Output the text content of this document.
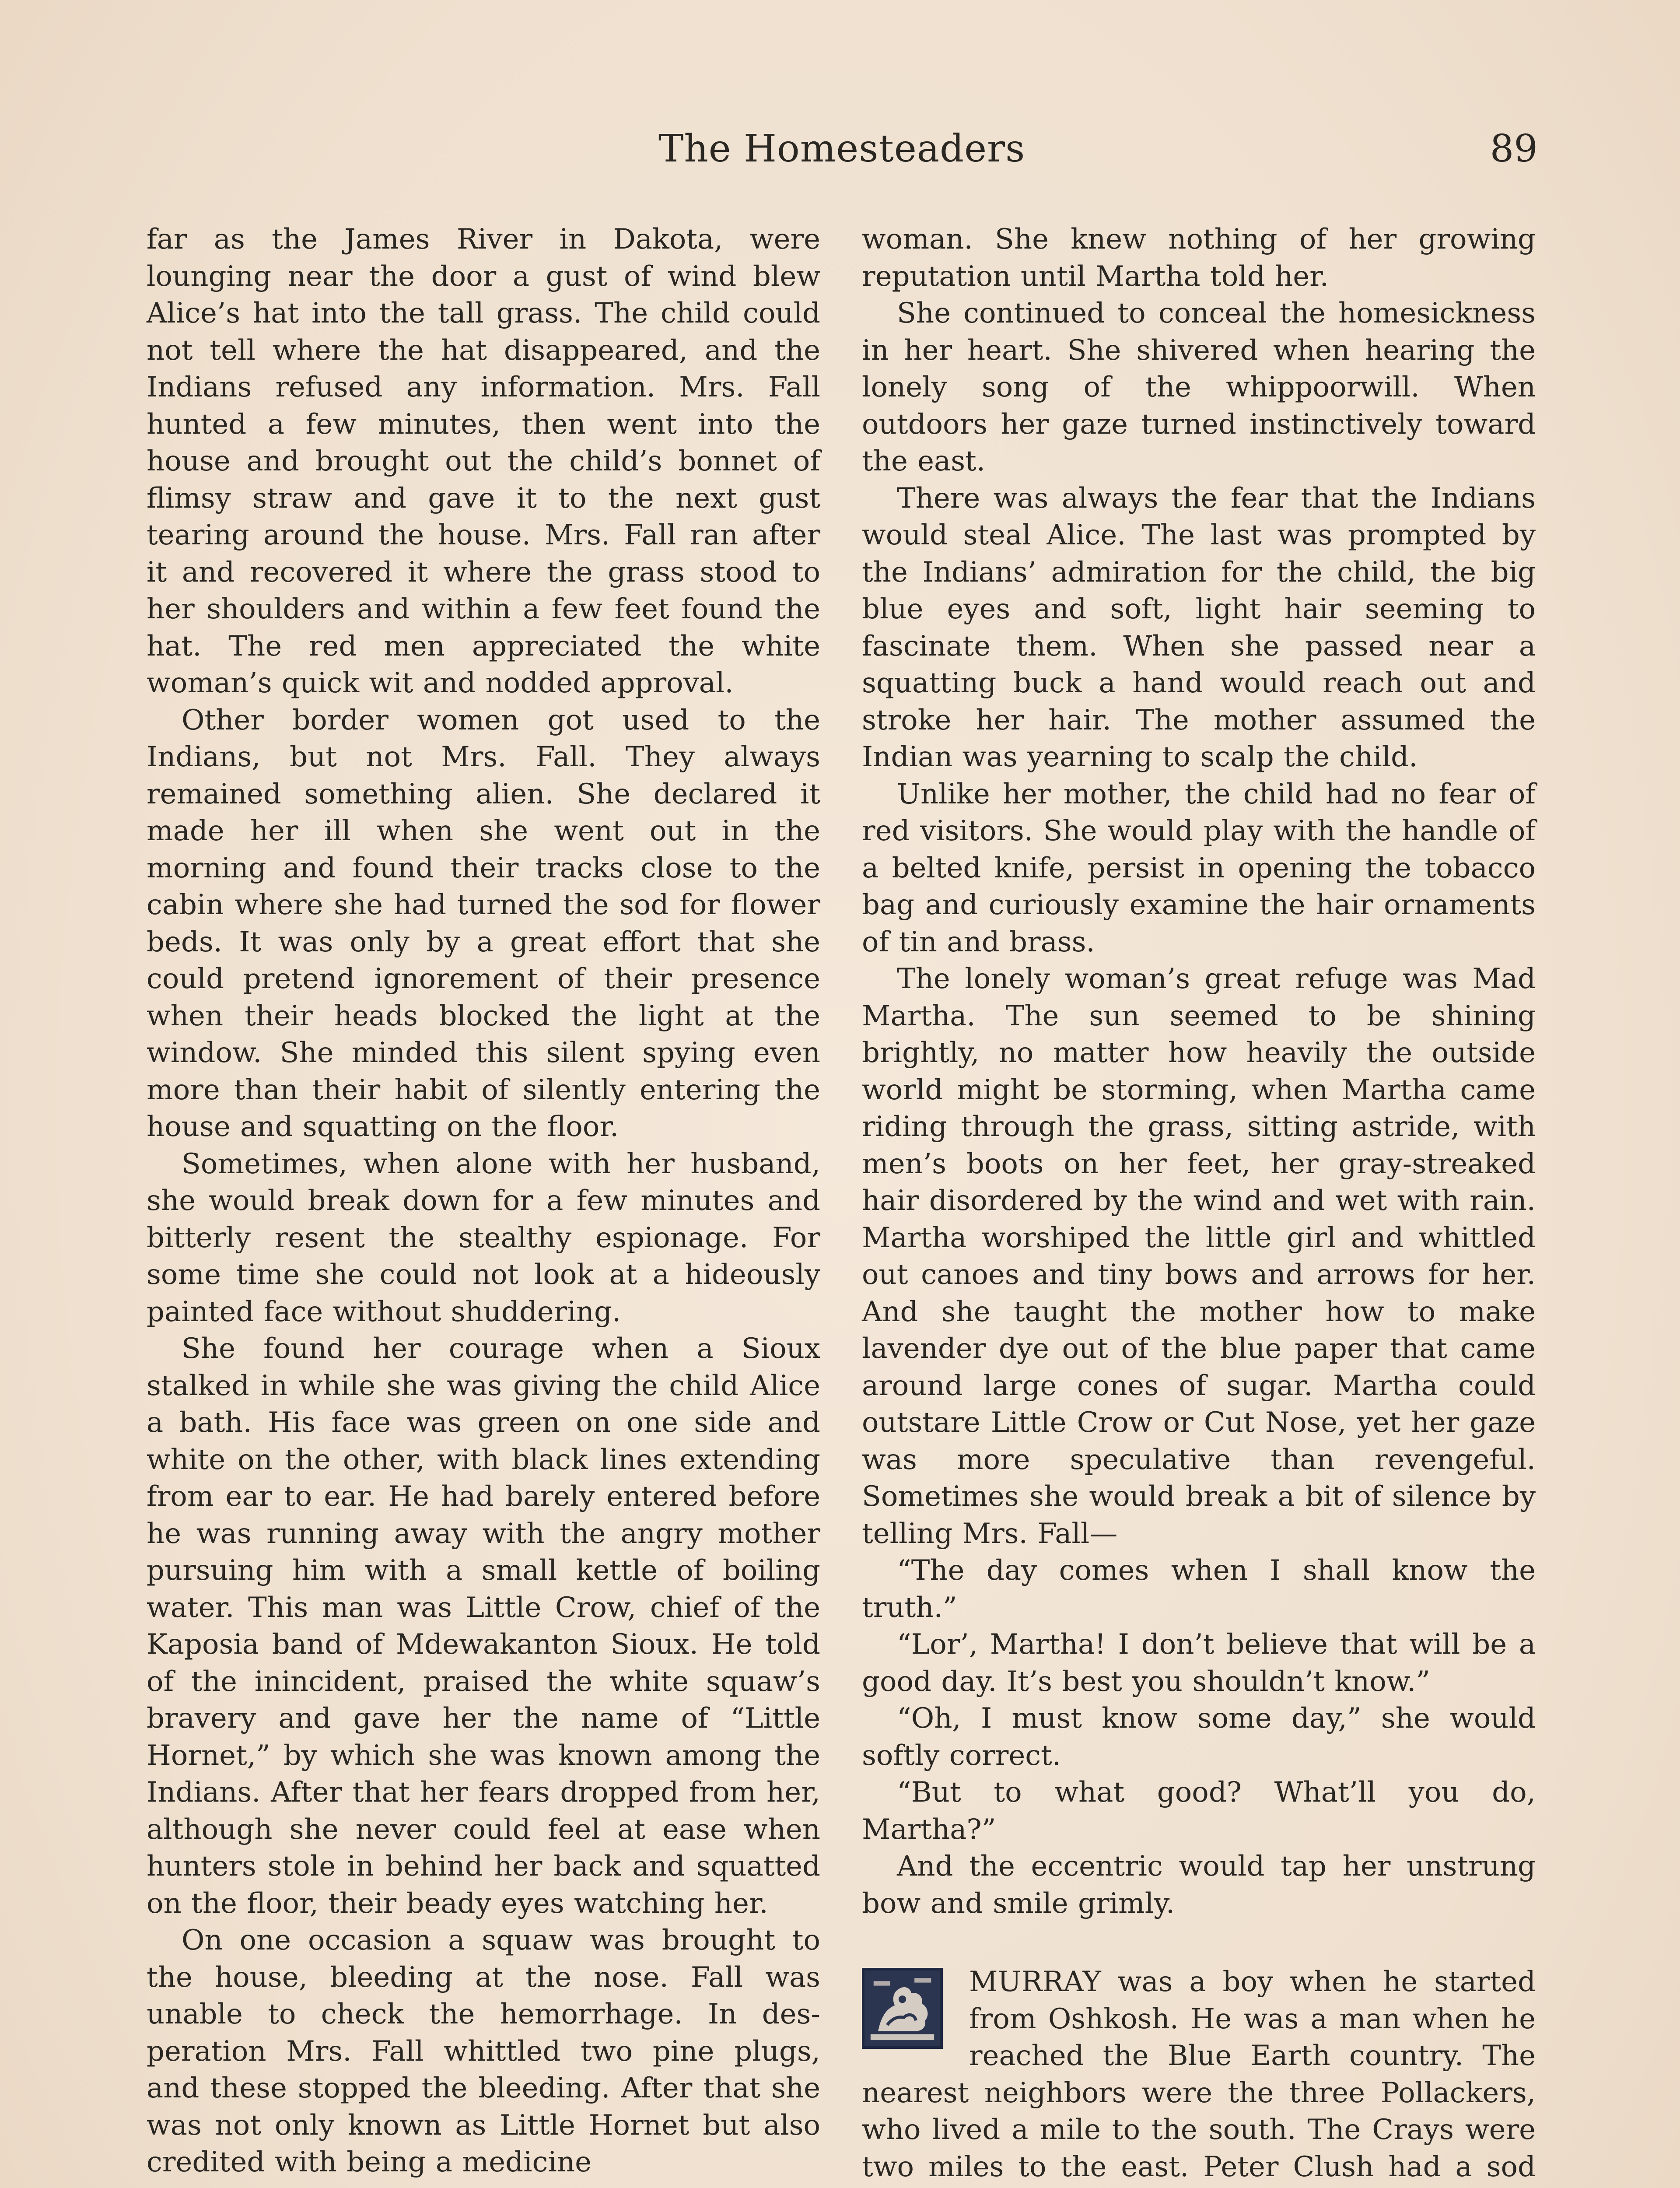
The Homesteaders	89

far as the James River in Dakota, were lounging near the door a gust of wind blew Alice’s hat into the tall grass. The child could not tell where the hat disappeared, and the Indians refused any information. Mrs. Fall hunted a few minutes, then went into the house and brought out the child’s bonnet of flimsy straw and gave it to the next gust tearing around the house. Mrs. Fall ran after it and recovered it where the grass stood to her shoulders and within a few feet found the hat. The red men appreciated the white woman’s quick wit and nodded approval.

Other border women got used to the Indians, but not Mrs. Fall. They always remained something alien. She declared it made her ill when she went out in the morning and found their tracks close to the cabin where she had turned the sod for flower beds. It was only by a great effort that she could pretend ignorement of their presence when their heads blocked the light at the window. She minded this silent spying even more than their habit of silently entering the house and squatting on the floor.

Sometimes, when alone with her husband, she would break down for a few minutes and bitterly resent the stealthy espionage. For some time she could not look at a hideously painted face without shuddering.

She found her courage when a Sioux stalked in while she was giving the child Alice a bath. His face was green on one side and white on the other, with black lines extending from ear to ear. He had barely entered before he was running away with the angry mother pursuing him with a small kettle of boiling water. This man was Little Crow, chief of the Kaposia band of Mdewakanton Sioux. He told of the inincident, praised the white squaw’s bravery and gave her the name of “Little Hornet,” by which she was known among the Indians. After that her fears dropped from her, although she never could feel at ease when hunters stole in behind her back and squatted on the floor, their beady eyes watching her.

On one occasion a squaw was brought to the house, bleeding at the nose. Fall was unable to check the hemorrhage. In desperation Mrs. Fall whittled two pine plugs, and these stopped the bleeding. After that she was not only known as Little Hornet but also credited with being a medicine

woman. She knew nothing of her growing reputation until Martha told her.

She continued to conceal the homesickness in her heart. She shivered when hearing the lonely song of the whippoorwill. When outdoors her gaze turned instinctively toward the east.

There was always the fear that the Indians would steal Alice. The last was prompted by the Indians’ admiration for the child, the big blue eyes and soft, light hair seeming to fascinate them. When she passed near a squatting buck a hand would reach out and stroke her hair. The mother assumed the Indian was yearning to scalp the child.

Unlike her mother, the child had no fear of red visitors. She would play with the handle of a belted knife, persist in opening the tobacco bag and curiously examine the hair ornaments of tin and brass.

The lonely woman’s great refuge was Mad Martha. The sun seemed to be shining brightly, no matter how heavily the outside world might be storming, when Martha came riding through the grass, sitting astride, with men’s boots on her feet, her gray-streaked hair disordered by the wind and wet with rain. Martha worshiped the little girl and whittled out canoes and tiny bows and arrows for her. And she taught the mother how to make lavender dye out of the blue paper that came around large cones of sugar. Martha could outstare Little Crow or Cut Nose, yet her gaze was more speculative than revengeful. Sometimes she would break a bit of silence by telling Mrs. Fall—

“The day comes when I shall know the truth.”

“Lor’, Martha! I don’t believe that will be a good day. It’s best you shouldn’t know.”

“Oh, I must know some day,” she would softly correct.

“But to what good? What’ll you do, Martha?”

And the eccentric would tap her unstrung bow and smile grimly.

MURRAY was a boy when he started from Oshkosh. He was a man when he reached the Blue Earth country. The nearest neighbors were the three Pollackers, who lived a mile to the south. The Crays were two miles to the east. Peter Clush had a sod
